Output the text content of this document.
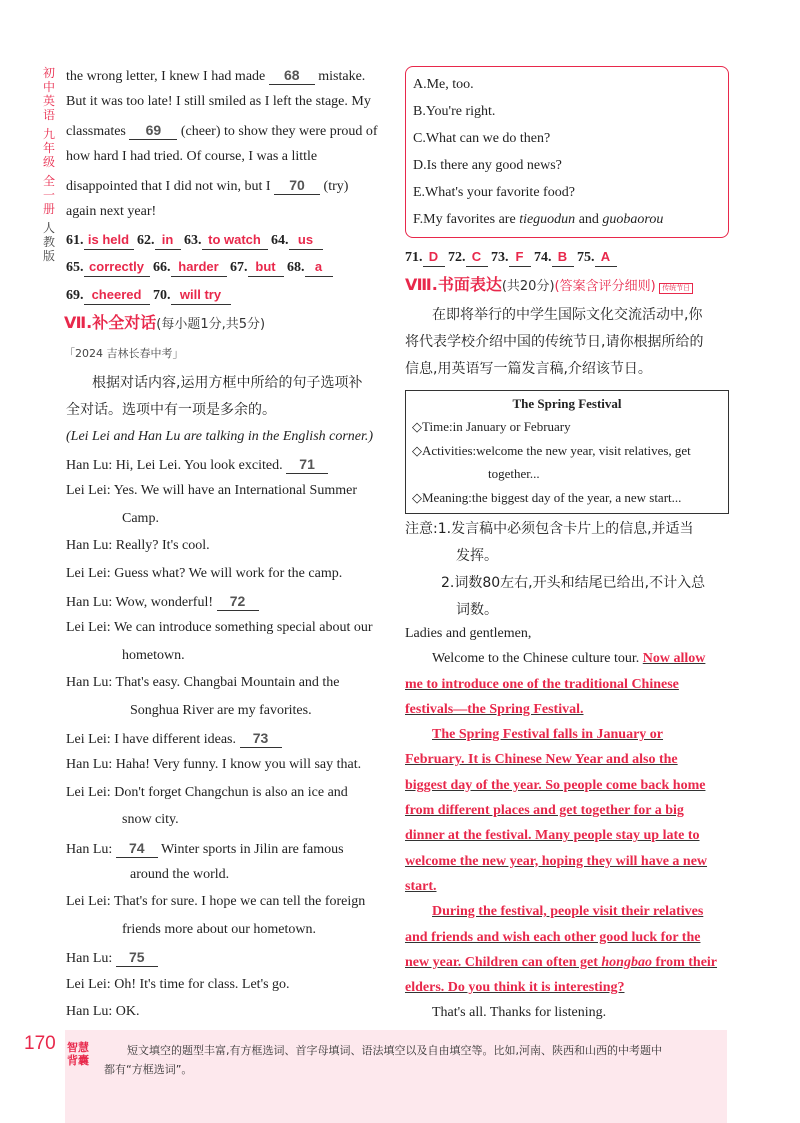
初
中
英
语
九
年
级
全
一
册
人
教
版
the wrong letter, I knew I had made 68 mistake.
But it was too late! I still smiled as I left the stage. My
classmates 69 (cheer) to show they were proud of
how hard I had tried. Of course, I was a little
disappointed that I did not win, but I 70 (try)
again next year!
61. is held 62. in 63. to watch 64. us
65. correctly 66. harder 67. but 68. a
69. cheered 70. will try
Ⅶ.补全对话(每小题1分,共5分)
「2024 吉林长春中考」
根据对话内容,运用方框中所给的句子选项补
全对话。选项中有一项是多余的。
(Lei Lei and Han Lu are talking in the English corner.)
Han Lu: Hi, Lei Lei. You look excited. 71
Lei Lei: Yes. We will have an International Summer
Camp.
Han Lu: Really? It's cool.
Lei Lei: Guess what? We will work for the camp.
Han Lu: Wow, wonderful! 72
Lei Lei: We can introduce something special about our
hometown.
Han Lu: That's easy. Changbai Mountain and the
Songhua River are my favorites.
Lei Lei: I have different ideas. 73
Han Lu: Haha! Very funny. I know you will say that.
Lei Lei: Don't forget Changchun is also an ice and
snow city.
Han Lu: 74 Winter sports in Jilin are famous
around the world.
Lei Lei: That's for sure. I hope we can tell the foreign
friends more about our hometown.
Han Lu: 75
Lei Lei: Oh! It's time for class. Let's go.
Han Lu: OK.
A.Me, too.
B.You're right.
C.What can we do then?
D.Is there any good news?
E.What's your favorite food?
F.My favorites are tieguodun and guobaorou
71. D 72. C 73. F 74. B 75. A
Ⅷ.书面表达(共20分)(答案含评分细则) 传统节日
在即将举行的中学生国际文化交流活动中,你
将代表学校介绍中国的传统节日,请你根据所给的
信息,用英语写一篇发言稿,介绍该节日。
The Spring Festival
◇Time:in January or February
◇Activities:welcome the new year, visit relatives, get
together...
◇Meaning:the biggest day of the year, a new start...
注意:1.发言稿中必须包含卡片上的信息,并适当
发挥。
2.词数80左右,开头和结尾已给出,不计入总
词数。
Ladies and gentlemen,
Welcome to the Chinese culture tour. Now allow
me to introduce one of the traditional Chinese
festivals—the Spring Festival.
The Spring Festival falls in January or
February. It is Chinese New Year and also the
biggest day of the year. So people come back home
from different places and get together for a big
dinner at the festival. Many people stay up late to
welcome the new year, hoping they will have a new
start.
During the festival, people visit their relatives
and friends and wish each other good luck for the
new year. Children can often get hongbao from their
elders. Do you think it is interesting?
That's all. Thanks for listening.
170 智慧
背囊
短文填空的题型丰富,有方框选词、首字母填词、语法填空以及自由填空等。比如,河南、陕西和山西的中考题中
都有“方框选词”。
